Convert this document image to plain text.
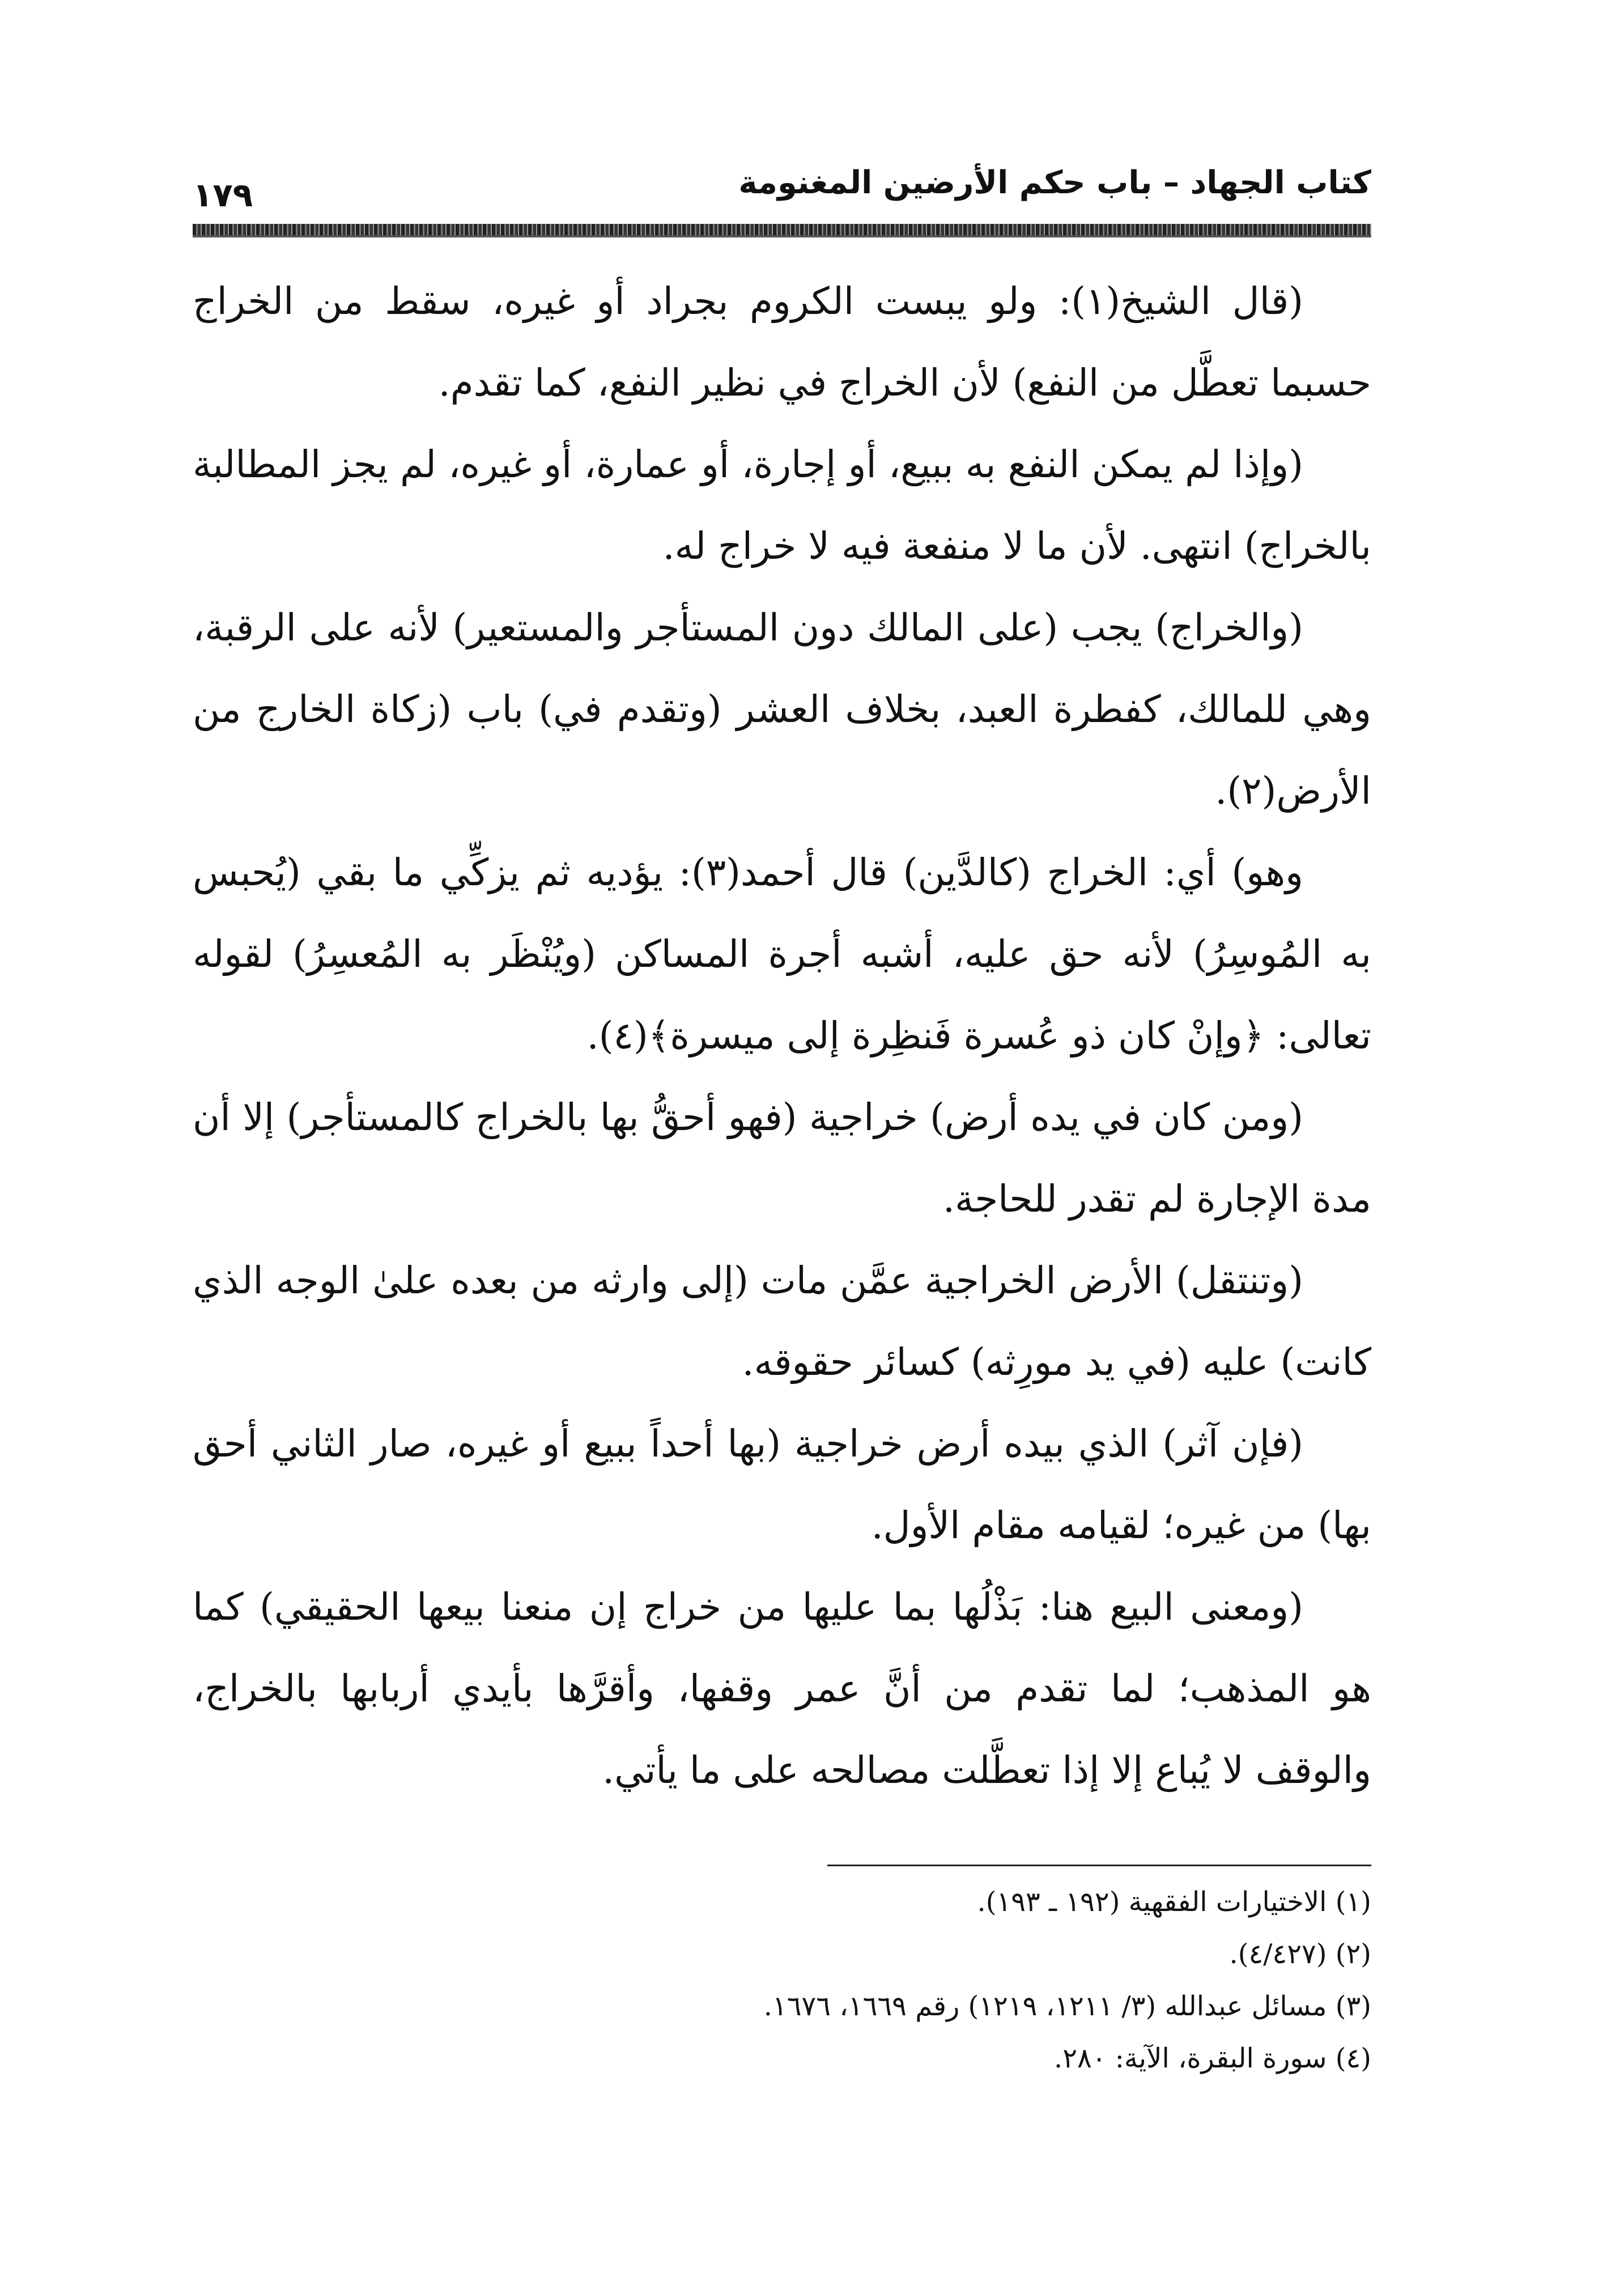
كتاب الجهاد – باب حكم الأرضين المغنومة
١٧٩

(قال الشيخ(١): ولو يبست الكروم بجراد أو غيره، سقط من الخراج حسبما تعطَّل من النفع) لأن الخراج في نظير النفع، كما تقدم.

(وإذا لم يمكن النفع به ببيع، أو إجارة، أو عمارة، أو غيره، لم يجز المطالبة بالخراج) انتهى. لأن ما لا منفعة فيه لا خراج له.

(والخراج) يجب (على المالك دون المستأجر والمستعير) لأنه على الرقبة، وهي للمالك، كفطرة العبد، بخلاف العشر (وتقدم في) باب (زكاة الخارج من الأرض(٢).

وهو) أي: الخراج (كالدَّين) قال أحمد(٣): يؤديه ثم يزكِّي ما بقي (يُحبس به المُوسِرُ) لأنه حق عليه، أشبه أجرة المساكن (ويُنْظَر به المُعسِرُ) لقوله تعالى: ﴿وإنْ كان ذو عُسرة فَنظِرة إلى ميسرة﴾(٤).

(ومن كان في يده أرض) خراجية (فهو أحقُّ بها بالخراج كالمستأجر) إلا أن مدة الإجارة لم تقدر للحاجة.

(وتنتقل) الأرض الخراجية عمَّن مات (إلى وارثه من بعده علىٰ الوجه الذي كانت) عليه (في يد مورِثه) كسائر حقوقه.

(فإن آثر) الذي بيده أرض خراجية (بها أحداً ببيع أو غيره، صار الثاني أحق بها) من غيره؛ لقيامه مقام الأول.

(ومعنى البيع هنا: بَذْلُها بما عليها من خراج إن منعنا بيعها الحقيقي) كما هو المذهب؛ لما تقدم من أنَّ عمر وقفها، وأقرَّها بأيدي أربابها بالخراج، والوقف لا يُباع إلا إذا تعطَّلت مصالحه على ما يأتي.

(١) الاختيارات الفقهية (١٩٢ ـ ١٩٣).
(٢) (٤/٤٢٧).
(٣) مسائل عبدالله (٣/ ١٢١١، ١٢١٩) رقم ١٦٦٩، ١٦٧٦.
(٤) سورة البقرة، الآية: ٢٨٠.
